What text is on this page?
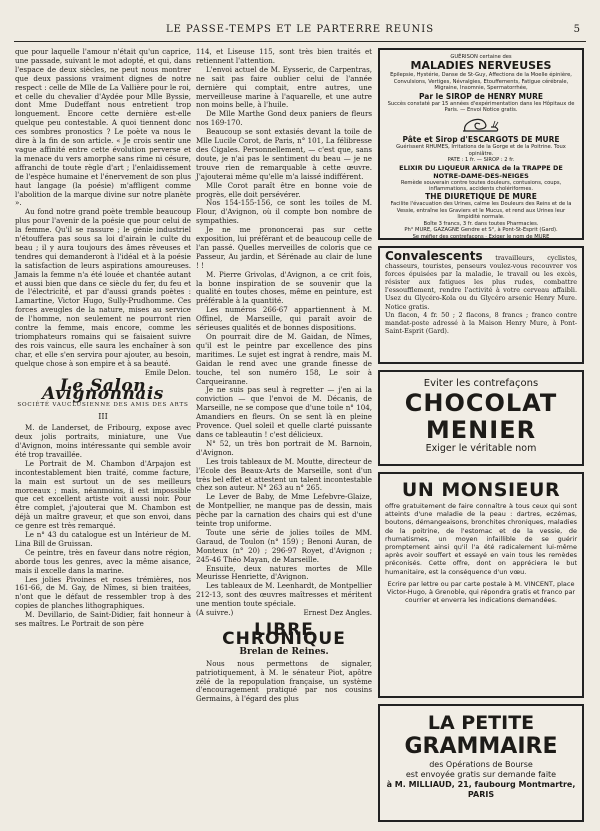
LE PASSE-TEMPS ET LE PARTERRE REUNIS	5

que pour laquelle l'amour n'était qu'un caprice, une passade, suivant le mot adopté, et qui, dans l'espace de deux siècles, ne peut nous montrer que deux passions vraiment dignes de notre respect : celle de Mlle de La Vallière pour le roi, et celle du chevalier d'Aydée pour Mlle Byssie, dont Mme Dudeffant nous entretient trop longuement. Encore cette dernière est-elle quelque peu contestable. A quoi tiennent donc ces sombres pronostics ? Le poète va nous le dire à la fin de son article. « Je crois sentir une vague affinité entre cette évolution perverse et la menace du vers amorphe sans rime ni césure, affranchi de toute règle d'art ; l'enlaidissement de l'espèce humaine et l'énervement de son plus haut langage (la poésie) m'affligent comme l'abolition de la marque divine sur notre planète ».

Au fond notre grand poète tremble beaucoup plus pour l'avenir de la poésie que pour celui de la femme. Qu'il se rassure ; le génie industriel n'étouffera pas sous sa loi d'airain le culte du beau ; il y aura toujours des âmes rêveuses et tendres qui demanderont à l'idéal et à la poésie la satisfaction de leurs aspirations amoureuses. Jamais la femme n'a été louée et chantée autant et aussi bien que dans ce siècle du fer, du feu et de l'électricité, et par d'aussi grands poètes : Lamartine, Victor Hugo, Sully-Prudhomme. Ces forces aveugles de la nature, mises au service de l'homme, non seulement ne pourront rien contre la femme, mais encore, comme les triomphateurs romains qui se faisaient suivre des rois vaincus, elle saura les enchaîner à son char, et elle s'en servira pour ajouter, au besoin, quelque chose à son empire et à sa beauté.

Emile Delon.

Le Salon Avignonnais
SOCIÉTÉ VAUCLUSIENNE DES AMIS DES ARTS
III

M. de Landerset, de Fribourg, expose avec deux jolis portraits, miniature, une Vue d'Avignon, moins intéressante qui semble avoir été trop travaillée.

Le Portrait de M. Chambon d'Arpajon est incontestablement bien traité, comme facture, la main est surtout un de ses meilleurs morceaux ; mais, néanmoins, il est impossible que cet excellent artiste voit aussi noir. Pour être complet, j'ajouterai que M. Chambon est déjà un maître graveur, et que son envoi, dans ce genre est très remarqué.

Le n° 43 du catalogue est un Intérieur de M. Lina Bill de Gruissan.

Ce peintre, très en faveur dans notre région, aborde tous les genres, avec la même aisance, mais il excelle dans la marine.

Les jolies Pivoines et roses trémières, nos 161-66, de M. Gay, de Nîmes, si bien traitées, n'ont que le défaut de ressembler trop à des copies de planches lithographiques.

M. Devillario, de Saint-Didier, fait honneur à ses maîtres. Le Portrait de son père

114, et Liseuse 115, sont très bien traités et retiennent l'attention.

L'envoi actuel de M. Eysseric, de Carpentras, ne sait pas faire oublier celui de l'année dernière qui comptait, entre autres, une merveilleuse marine à l'aquarelle, et une autre non moins belle, à l'huile.

De Mlle Marthe Gond deux paniers de fleurs nos 169-170.

Beaucoup se sont extasiés devant la toile de Mlle Lucile Corot, de Paris, n° 101, La félibresse des Cigales. Personnellement, — c'est que, sans doute, je n'ai pas le sentiment du beau — je ne trouve rien de remarquable à cette œuvre. J'ajouterai même qu'elle m'a laissé indifférent.

Mlle Corot paraît être en bonne voie de progrès, elle doit persévérer.

Nos 154-155-156, ce sont les toiles de M. Flour, d'Avignon, où il compte bon nombre de sympathies.

Je ne me prononcerai pas sur cette exposition, lui préférant et de beaucoup celle de l'an passé. Quelles merveilles de coloris que ce Passeur, Au jardin, et Sérénade au clair de lune ! !

M. Pierre Grivolas, d'Avignon, a ce crit fois, la bonne inspiration de se souvenir que la qualité en toutes choses, même en peinture, est préférable à la quantité.

Les numéros 266-67 appartiennent à M. Offinel, de Marseille, qui paraît avoir de sérieuses qualités et de bonnes dispositions.

On pourrait dire de M. Gaidan, de Nîmes, qu'il est le peintre par excellence des pins maritimes. Le sujet est ingrat à rendre, mais M. Gaidan le rend avec une grande finesse de touche, tel son numéro 158, Le soir à Carqueiranne.

Je ne suis pas seul à regretter — j'en ai la conviction — que l'envoi de M. Décanis, de Marseille, ne se compose que d'une toile n° 104, Amandiers en fleurs. On se sent là en pleine Provence. Quel soleil et quelle clarté puissante dans ce tableautin ! c'est délicieux.

N° 52, un très bon portrait de M. Barnoin, d'Avignon.

Les trois tableaux de M. Moutte, directeur de l'Ecole des Beaux-Arts de Marseille, sont d'un très bel effet et attestent un talent incontestable chez son auteur. N° 263 au n° 265.

Le Lever de Baby, de Mme Lefebvre-Glaize, de Montpellier, ne manque pas de dessin, mais pèche par la carnation des chairs qui est d'une teinte trop uniforme.

Toute une série de jolies toiles de MM. Garaud, de Toulon (n° 159) ; Benoni Auran, de Monteux (n° 20) ; 296-97 Royet, d'Avignon ; 245-46 Théo Mayan, de Marseille.

Ensuite, deux natures mortes de Mlle Meurisse Henriette, d'Avignon.

Les tableaux de M. Leenhardt, de Montpellier 212-13, sont des œuvres maîtresses et méritent une mention toute spéciale.

(A suivre.)	Ernest Dez Angles.

LIBRE CHRONIQUE
Brelan de Reines.

Nous nous permettons de signaler, patriotiquement, à M. le sénateur Piot, apôtre zélé de la repopulation française, un système d'encouragement pratiqué par nos cousins Germains, à l'égard des plus

GUÉRISON certaine des
MALADIES NERVEUSES
Epilepsie, Hystérie, Danse de St-Guy, Affections de la Moelle épinière, Convulsions, Vertiges, Névralgies, Etouffements, Fatigue cérébrale, Migraine, Insomnie, Spermatorrhée,
Par le SIROP de HENRY MURE
Succès constaté par 15 années d'expérimentation dans les Hôpitaux de Paris. — Envoi Notice gratis.
Pâte et Sirop d'ESCARGOTS DE MURE
Guérissent RHUMES, Irritations de la Gorge et de la Poitrine. Toux opiniâtre.
PATE : 1 fr. — SIROP : 2 fr.
ELIXIR DU LIQUEUR ARNICA de la TRAPPE DE NOTRE-DAME-DES-NEIGES
Remède souverain contre toutes douleurs, contusions, coups, inflammations, accidents cholériformes.
THE DIURETIQUE DE MURE
Facilite l'évacuation des Urines, calme les Douleurs des Reins et de la Vessie, entraîne les Graviers et le Mucus, et rend aux Urines leur limpidité normale.
Boîte 3 francs, 3 fr. dans toutes Pharmacies.
Ph° MURE, GAZAGNE Gendre et S°, à Pont-St-Esprit (Gard).
Se méfier des contrefaçons · Exiger le nom de MURE
Convalescents travailleurs, cyclistes, chasseurs, touristes, penseurs voulez-vous recouvrer vos forces épuisées par la maladie, le travail ou les excès, résister aux fatigues les plus rudes, combattre l'essoufflement, rendre l'activité à votre cerveau affaibli. Usez du Glycéro-Kola ou du Glycéro arsenic Henry Mure. Notice gratis.
Un flacon, 4 fr. 50 ; 2 flacons, 8 francs ; franco contre mandat-poste adressé à la Maison Henry Mure, à Pont-Saint-Esprit (Gard).
Eviter les contrefaçons
CHOCOLAT
MENIER
Exiger le véritable nom
UN MONSIEUR
offre gratuitement de faire connaître à tous ceux qui sont atteints d'une maladie de la peau : dartres, eczémas, boutons, démangeaisons, bronchites chroniques, maladies de la poitrine, de l'estomac et de la vessie, de rhumatismes, un moyen infaillible de se guérir promptement ainsi qu'il l'a été radicalement lui-même après avoir souffert et essayé en vain tous les remèdes préconisés. Cette offre, dont on appréciera le but humanitaire, est la conséquence d'un vœu.
Ecrire par lettre ou par carte postale à M. VINCENT, place Victor-Hugo, à Grenoble, qui répondra gratis et franco par courrier et enverra les indications demandées.
LA PETITE
GRAMMAIRE
des Opérations de Bourse
est envoyée gratis sur demande faite
à M. MILLIAUD, 21, faubourg Montmartre, PARIS
